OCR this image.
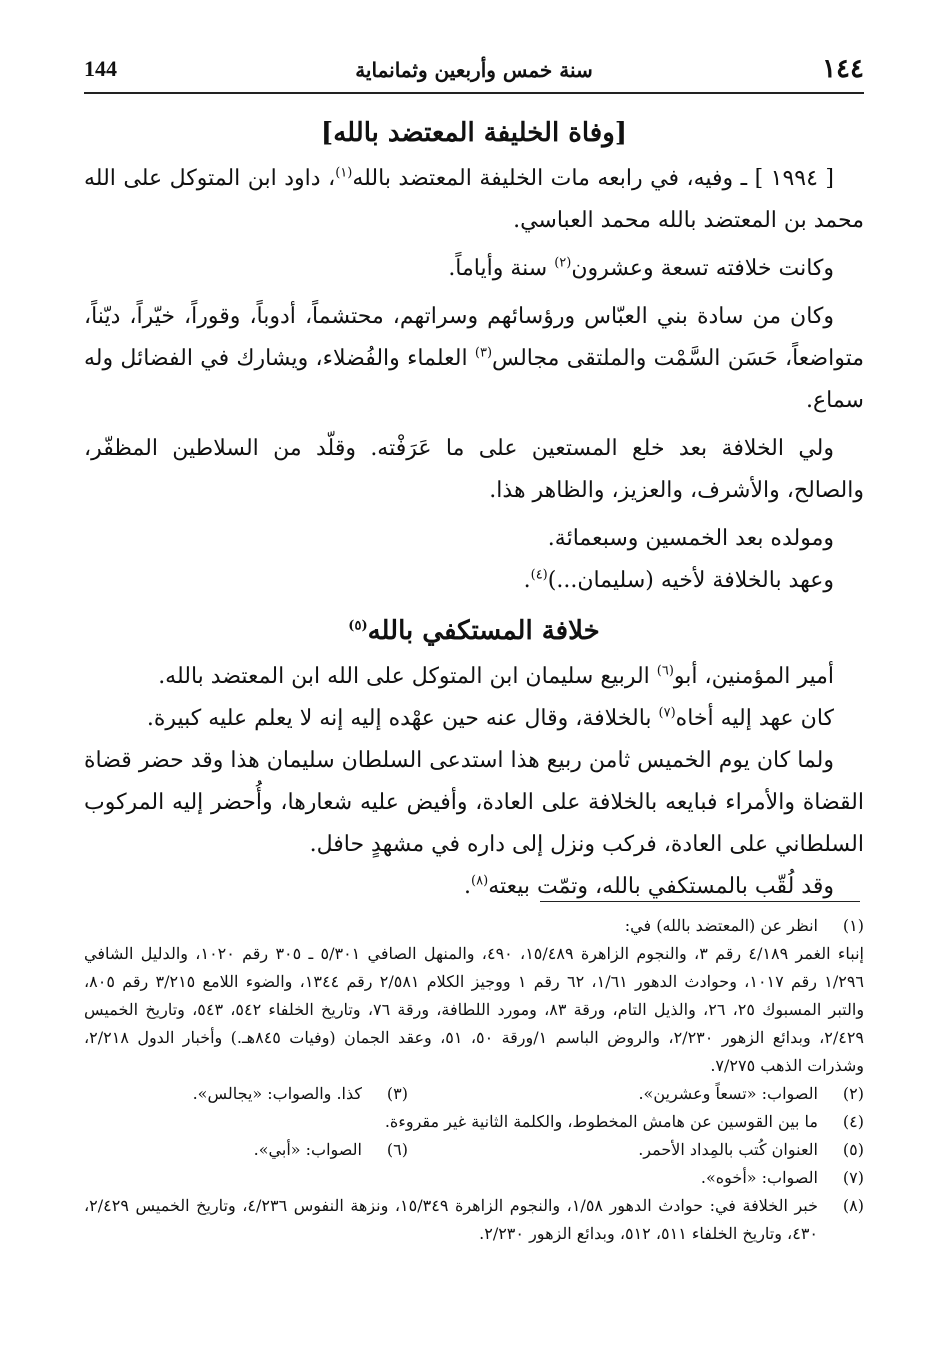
١٤٤
سنة خمس وأربعين وثمانماية
144
[وفاة الخليفة المعتضد بالله]

[ ١٩٩٤ ] ـ وفيه، في رابعه مات الخليفة المعتضد بالله$^{(١)}$، داود ابن المتوكل على الله محمد بن المعتضد بالله محمد العباسي.

وكانت خلافته تسعة وعشرون$^{(٢)}$ سنة وأياماً.

وكان من سادة بني العبّاس ورؤسائهم وسراتهم، محتشماً، أدوباً، وقوراً، خيّراً، ديّناً، متواضعاً، حَسَن السَّمْت والملتقى مجالس$^{(٣)}$ العلماء والفُضلاء، ويشارك في الفضائل وله سماع.

ولي الخلافة بعد خلع المستعين على ما عَرَفْته. وقلّد من السلاطين المظفّر، والصالح، والأشرف، والعزيز، والظاهر هذا.

ومولده بعد الخمسين وسبعمائة.

وعهد بالخلافة لأخيه (سليمان...)$^{(٤)}$.

خلافة المستكفي بالله$^{(٥)}$

أمير المؤمنين، أبو$^{(٦)}$ الربيع سليمان ابن المتوكل على الله ابن المعتضد بالله.

كان عهد إليه أخاه$^{(٧)}$ بالخلافة، وقال عنه حين عهْده إليه إنه لا يعلم عليه كبيرة.

ولما كان يوم الخميس ثامن ربيع هذا استدعى السلطان سليمان هذا وقد حضر قضاة القضاة والأمراء فبايعه بالخلافة على العادة، وأفيض عليه شعارها، وأُحضر إليه المركوب السلطاني على العادة، فركب ونزل إلى داره في مشهدٍ حافل.

وقد لُقّب بالمستكفي بالله، وتمّت بيعته$^{(٨)}$.

(١)
انظر عن (المعتضد بالله) في:
إنباء الغمر ٤/١٨٩ رقم ٣، والنجوم الزاهرة ١٥/٤٨٩، ٤٩٠، والمنهل الصافي ٥/٣٠١ ـ ٣٠٥ رقم ١٠٢٠، والدليل الشافي ١/٢٩٦ رقم ١٠١٧، وحوادث الدهور ١/٦١، ٦٢ رقم ١ ووجيز الكلام ٢/٥٨١ رقم ١٣٤٤، والضوء اللامع ٣/٢١٥ رقم ٨٠٥، والتبر المسبوك ٢٥، ٢٦، والذيل التام، ورقة ٨٣، ومورد اللطافة، ورقة ٧٦، وتاريخ الخلفاء ٥٤٢، ٥٤٣، وتاريخ الخميس ٢/٤٢٩، وبدائع الزهور ٢/٢٣٠، والروض الباسم ١/ورقة ٥٠، ٥١، وعقد الجمان (وفيات ٨٤٥هـ.) وأخبار الدول ٢/٢١٨، وشذرات الذهب ٧/٢٧٥.
(٢)
الصواب: «تسعاً وعشرين».
(٣)
كذا. والصواب: «يجالس».
(٤)
ما بين القوسين عن هامش المخطوط، والكلمة الثانية غير مقروءة.
(٥)
العنوان كُتب بالمِداد الأحمر.
(٦)
الصواب: «أبي».
(٧)
الصواب: «أخوه».
(٨)
خبر الخلافة في: حوادث الدهور ١/٥٨، والنجوم الزاهرة ١٥/٣٤٩، ونزهة النفوس ٤/٢٣٦، وتاريخ الخميس ٢/٤٢٩، ٤٣٠، وتاريخ الخلفاء ٥١١، ٥١٢، وبدائع الزهور ٢/٢٣٠.
